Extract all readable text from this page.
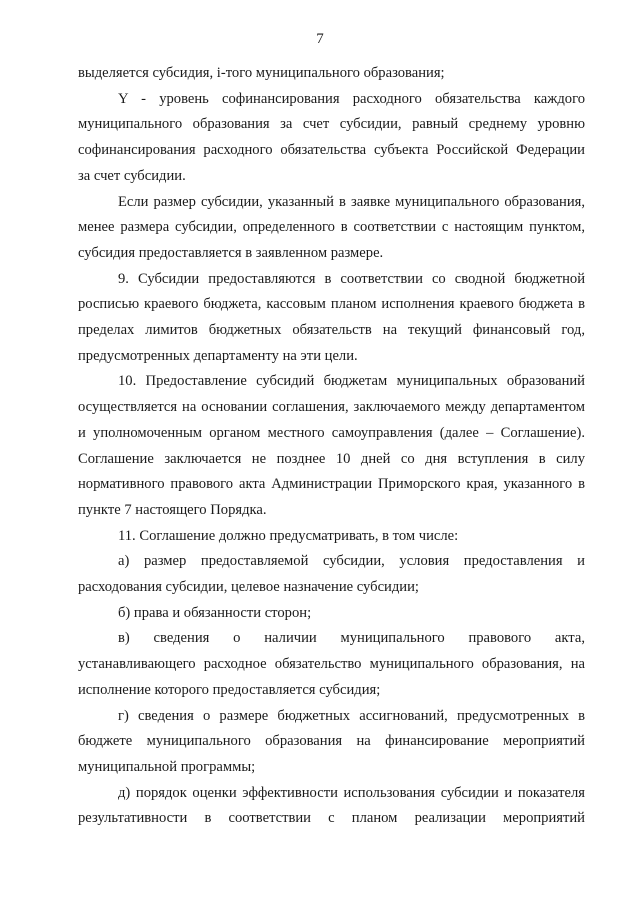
7

выделяется субсидия, i-того муниципального образования;

Y - уровень софинансирования расходного обязательства каждого
муниципального образования за счет субсидии, равный среднему уровню
софинансирования расходного обязательства субъекта Российской Федерации
за счет субсидии.

Если размер субсидии, указанный в заявке муниципального образования,
менее размера субсидии, определенного в соответствии с настоящим пунктом,
субсидия предоставляется в заявленном размере.

9. Субсидии предоставляются в соответствии со сводной бюджетной
росписью краевого бюджета, кассовым планом исполнения краевого бюджета в
пределах лимитов бюджетных обязательств на текущий финансовый год,
предусмотренных департаменту на эти цели.

10. Предоставление субсидий бюджетам муниципальных образований
осуществляется на основании соглашения, заключаемого между департаментом
и уполномоченным органом местного самоуправления (далее – Соглашение).
Соглашение заключается не позднее 10 дней со дня вступления в силу
нормативного правового акта Администрации Приморского края, указанного в
пункте 7 настоящего Порядка.

11. Соглашение должно предусматривать, в том числе:

а) размер предоставляемой субсидии, условия предоставления и
расходования субсидии, целевое назначение субсидии;

б) права и обязанности сторон;

в) сведения о наличии муниципального правового акта,
устанавливающего расходное обязательство муниципального образования, на
исполнение которого предоставляется субсидия;

г) сведения о размере бюджетных ассигнований, предусмотренных в
бюджете муниципального образования на финансирование мероприятий
муниципальной программы;

д) порядок оценки эффективности использования субсидии и показателя
результативности в соответствии с планом реализации мероприятий
